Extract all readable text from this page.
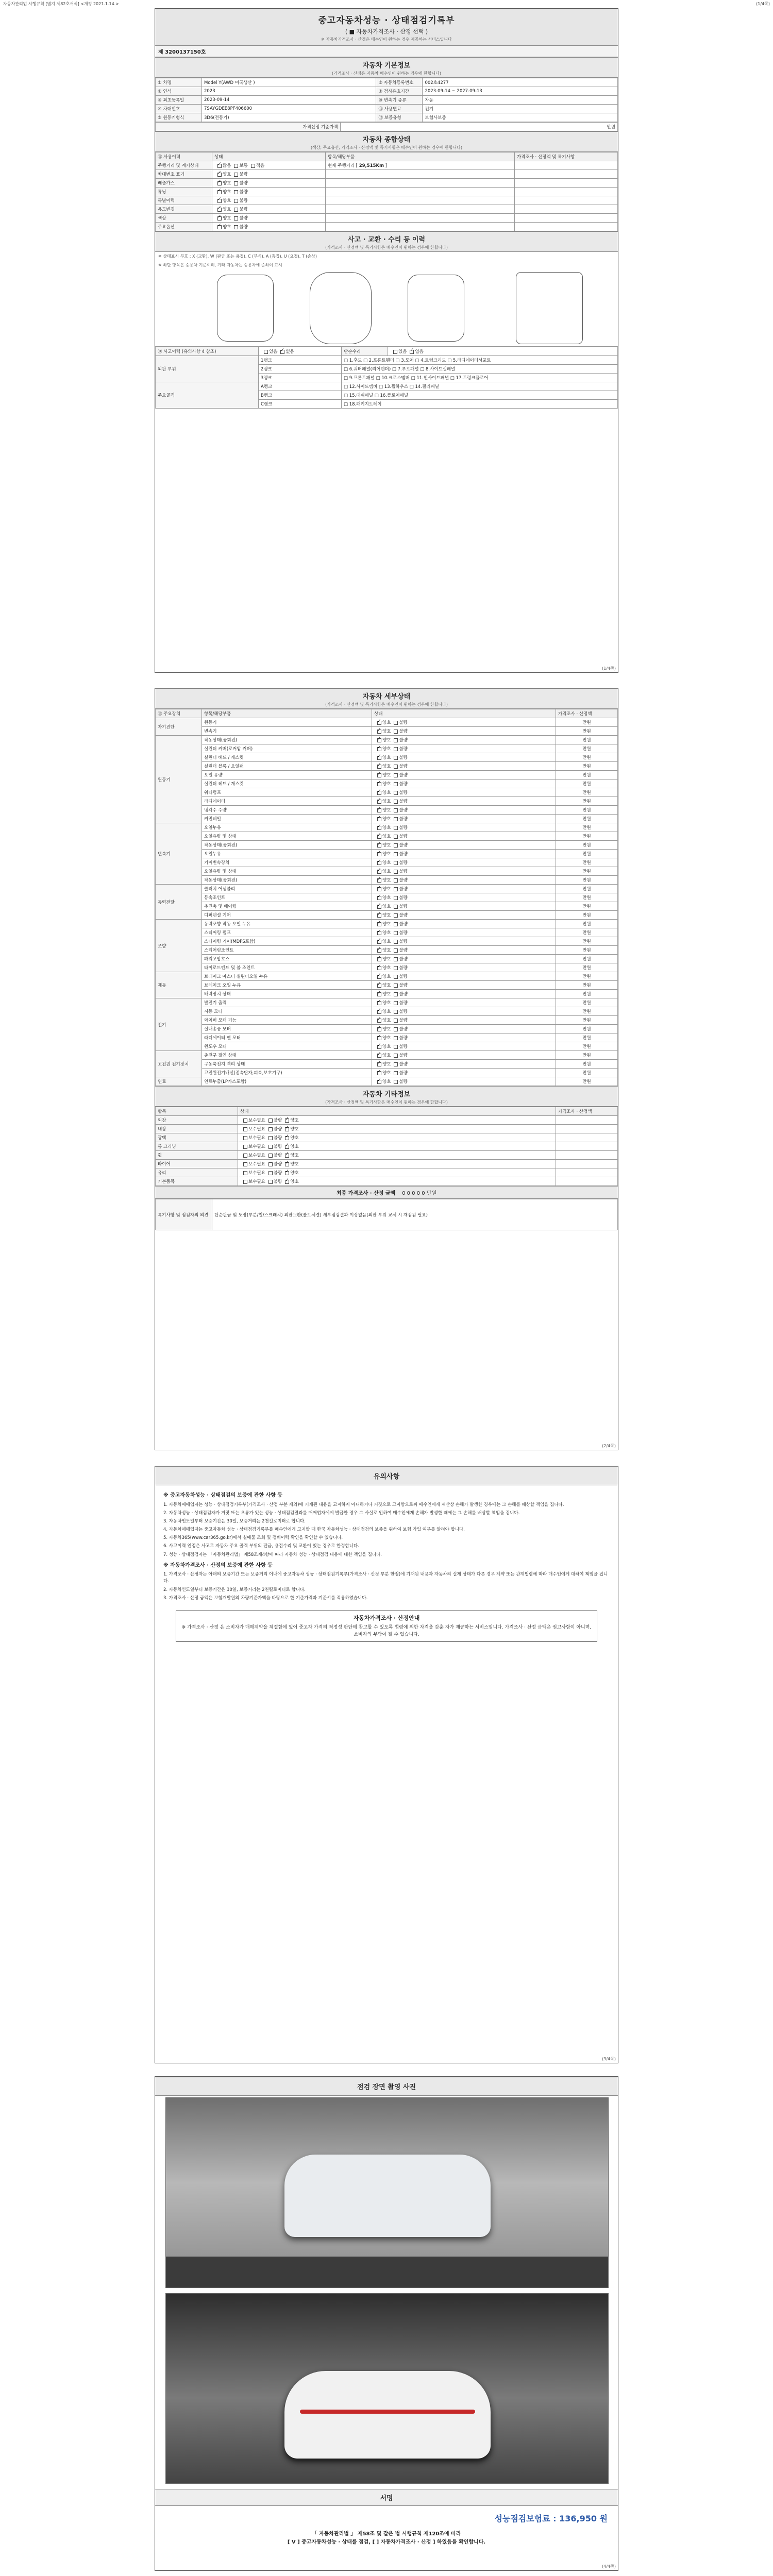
자동차관리법 시행규칙 [별지 제82호서식] <개정 2021.1.14.>	(1/4쪽)
중고자동차성능 · 상태점검기록부
( ■ 자동차가격조사 · 산정 선택 )
※ 자동차가격조사 · 산정은 매수인이 원하는 경우 제공하는 서비스입니다
제 3200137150호
자동차 기본정보
(가격조사 · 산정은 자동차 매수인이 원하는 경우에 한합니다)
① 차명	Model Y(AWD 미국생산 )	⑧ 자동차등록번호	002호4277
② 연식	2023	⑨ 검사유효기간	2023-09-14 ~ 2027-09-13
③ 최초등록일	2023-09-14	⑩ 변속기 종류	자동
④ 차대번호	7SAYGDEE8PF406600	⑪ 사용연료	전기
⑤ 원동기형식	3D6(전동기)	⑫ 보증유형	보험사보증
가격산정 기준가격	만원
자동차 종합상태
(색상, 주요옵션, 가격조사 · 산정액 및 특기사항은 매수인이 원하는 경우에 한합니다)
⑫ 사용이력	상태	항목/해당부품	가격조사 · 산정액 및 특기사항
주행거리 및 계기상태	✓많음 보통 적음	현재 주행거리 [ 29,515Km ]	
차대번호 표기	✓양호 불량		
배출가스	✓양호 불량		
튜닝	✓양호 불량		
특별이력	✓양호 불량		
용도변경	✓양호 불량		
색상	✓양호 불량		
주요옵션	✓양호 불량		
사고 · 교환 · 수리 등 이력
(가격조사 · 산정액 및 특기사항은 매수인이 원하는 경우에 한합니다)
※ 상태표시 부호 : X (교환), W (판금 또는 용접), C (부식), A (흠집), U (요철), T (손상)
※ 하단 항목은 승용차 기준이며, 기타 자동차는 승용차에 준하여 표시
⑭ 사고이력 (유의사항 4 참조)	있음 ✓ 없음	단순수리	있음 ✓ 없음
외판 부위	1랭크	□ 1.후드 □ 2.프론트휀더 □ 3.도어 □ 4.트렁크리드 □ 5.라디에이터서포트	
	2랭크	□ 6.쿼터패널(리어펜더) □ 7.루프패널 □ 8.사이드실패널	
	3랭크	□ 9.프론트패널 □ 10.크로스멤버 □ 11.인사이드패널 □ 17.트렁크플로어	
주요골격	A랭크	□ 12.사이드멤버 □ 13.휠하우스 □ 14.필러패널	
	B랭크	□ 15.대쉬패널 □ 16.플로어패널	
	C랭크	□ 18.패키지트레이	
(1/4쪽)
자동차 세부상태
(가격조사 · 산정액 및 특기사항은 매수인이 원하는 경우에 한합니다)
⑮ 주요장치	항목/해당부품	상태	가격조사 · 산정액
자기진단	원동기	✓양호 불량	만원
	변속기	✓양호 불량	만원
원동기	작동상태(공회전)	✓양호 불량	만원
	실린더 커버(로커암 커버)	✓양호 불량	만원
	실린더 헤드 / 개스킷	✓양호 불량	만원
	실린더 블록 / 오일팬	✓양호 불량	만원
	오일 유량	✓양호 불량	만원
	실린더 헤드 / 개스킷	✓양호 불량	만원
	워터펌프	✓양호 불량	만원
	라디에이터	✓양호 불량	만원
	냉각수 수량	✓양호 불량	만원
	커먼레일	✓양호 불량	만원
변속기	오일누유	✓양호 불량	만원
	오일유량 및 상태	✓양호 불량	만원
	작동상태(공회전)	✓양호 불량	만원
	오일누유	✓양호 불량	만원
	기어변속장치	✓양호 불량	만원
	오일유량 및 상태	✓양호 불량	만원
	작동상태(공회전)	✓양호 불량	만원
동력전달	클러치 어셈블리	✓양호 불량	만원
	등속조인트	✓양호 불량	만원
	추진축 및 베어링	✓양호 불량	만원
	디퍼렌셜 기어	✓양호 불량	만원
조향	동력조향 작동 오일 누유	✓양호 불량	만원
	스티어링 펌프	✓양호 불량	만원
	스티어링 기어(MDPS포함)	✓양호 불량	만원
	스티어링조인트	✓양호 불량	만원
	파워고압호스	✓양호 불량	만원
	타이로드엔드 및 볼 조인트	✓양호 불량	만원
제동	브레이크 마스터 실린더오일 누유	✓양호 불량	만원
	브레이크 오일 누유	✓양호 불량	만원
	배력장치 상태	✓양호 불량	만원
전기	발전기 출력	✓양호 불량	만원
	시동 모터	✓양호 불량	만원
	와이퍼 모터 기능	✓양호 불량	만원
	실내송풍 모터	✓양호 불량	만원
	라디에이터 팬 모터	✓양호 불량	만원
	윈도우 모터	✓양호 불량	만원
고전원 전기장치	충전구 절연 상태	✓양호 불량	만원
	구동축전지 격리 상태	✓양호 불량	만원
	고전원전기배선(접속단자,피복,보호기구)	✓양호 불량	만원
연료	연료누출(LP가스포함)	✓양호 불량	만원
자동차 기타정보
(가격조사 · 산정액 및 특기사항은 매수인이 원하는 경우에 한합니다)
항목	상태	가격조사 · 산정액
외장	보수필요 불량 ✓ 양호	
내장	보수필요 불량 ✓ 양호	
광택	보수필요 불량 ✓ 양호	
룸 크리닝	보수필요 불량 ✓ 양호	
휠	보수필요 불량 ✓ 양호	
타이어	보수필요 불량 ✓ 양호	
유리	보수필요 불량 ✓ 양호	
기본품목	보수필요 불량 ✓ 양호	
최종 가격조사 · 산정 금액 0 0 0 0 0 만원
특기사항 및 점검자의 의견	단순판금 및 도장(부분/칠/스크래치) 외판교환(볼트체결) 세부점검결과 이상없음(외판 부위 교체 시 재점검 필요)
(2/4쪽)
유의사항
※ 중고자동차성능 · 상태점검의 보증에 관한 사항 등

1. 자동차매매업자는 성능 · 상태점검기록부(가격조사 · 산정 부분 제외)에 기재된 내용을 고지하지 아니하거나 거짓으로 고지함으로써 매수인에게 재산상 손해가 발생한 경우에는 그 손해를 배상할 책임을 집니다.

2. 자동차성능 · 상태점검자가 거짓 또는 오류가 있는 성능 · 상태점검결과를 매매업자에게 발급한 경우 그 사실로 인하여 매수인에게 손해가 발생한 때에는 그 손해를 배상할 책임을 집니다.

3. 자동차인도일부터 보증기간은 30일, 보증거리는 2천킬로미터로 합니다.

4. 자동차매매업자는 중고자동차 성능 · 상태점검기록부를 매수인에게 고지할 때 한국 자동차성능 · 상태점검의 보증을 위하여 보험 가입 여부를 알려야 합니다.

5. 자동차365(www.car365.go.kr)에서 실매물 조회 및 정비이력 확인을 확인할 수 있습니다.

6. 사고이력 인정은 사고로 자동차 주요 골격 부위의 판금, 용접수리 및 교환이 있는 경우로 한정합니다.

7. 성능 · 상태점검자는 「자동차관리법」 제58조제4항에 따라 자동차 성능 · 상태점검 내용에 대한 책임을 집니다.

※ 자동차가격조사 · 산정의 보증에 관한 사항 등

1. 가격조사 · 산정자는 아래의 보증기간 또는 보증거리 이내에 중고자동차 성능 · 상태점검기록부(가격조사 · 산정 부분 한정)에 기재된 내용과 자동차의 실제 상태가 다른 경우 계약 또는 관계법령에 따라 매수인에게 대하여 책임을 집니다.

2. 자동차인도일부터 보증기간은 30일, 보증거리는 2천킬로미터로 합니다.

3. 가격조사 · 산정 금액은 보험개발원의 차량기준가액을 바탕으로 한 기준가격과 기준서를 적용하였습니다.

자동차가격조사 · 산정안내
※ 가격조사 · 산정 은 소비자가 매매계약을 체결함에 있어 중고차 가격의 적정성 판단에 참고할 수 있도록 법령에 의한 자격을 갖춘 자가 제공하는 서비스입니다. 가격조사 · 산정 금액은 권고사항이 아니며, 소비자의 부담이 될 수 있습니다.
(3/4쪽)
점검 장면 촬영 사진
서명
성능점검보험료 : 136,950 원
「 자동차관리법 」 제58조 및 같은 법 시행규칙 제120조에 따라
[ V ] 중고자동차성능 · 상태를 점검, [ ] 자동차가격조사 · 산정 ] 하였음을 확인합니다.
(4/4쪽)
